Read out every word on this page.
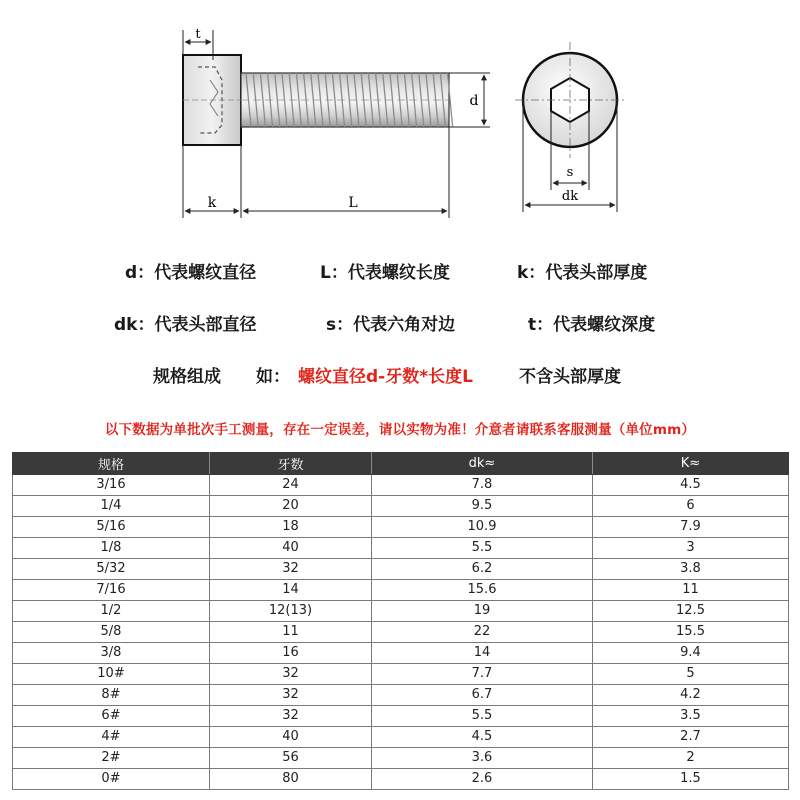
t
d
k	L
s
dk
d：代表螺纹直径	L：代表螺纹长度	k：代表头部厚度
dk：代表头部直径	s：代表六角对边	t：代表螺纹深度
规格组成 如： 螺纹直径d-牙数*长度L	不含头部厚度
以下数据为单批次手工测量，存在一定误差，请以实物为准！介意者请联系客服测量（单位mm）
规格	牙数	dk≈	K≈
3/16	24	7.8	4.5
1/4	20	9.5	6
5/16	18	10.9	7.9
1/8	40	5.5	3
5/32	32	6.2	3.8
7/16	14	15.6	11
1/2	12(13)	19	12.5
5/8	11	22	15.5
3/8	16	14	9.4
10#	32	7.7	5
8#	32	6.7	4.2
6#	32	5.5	3.5
4#	40	4.5	2.7
2#	56	3.6	2
0#	80	2.6	1.5
